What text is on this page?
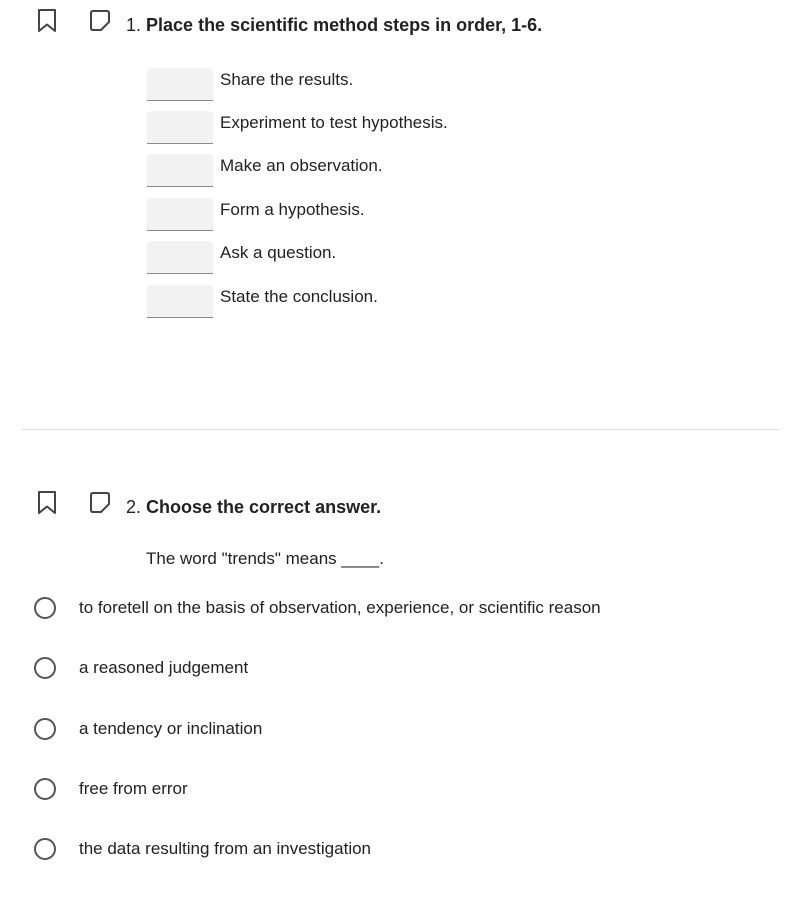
1. Place the scientific method steps in order, 1-6.
Share the results.
Experiment to test hypothesis.
Make an observation.
Form a hypothesis.
Ask a question.
State the conclusion.
2. Choose the correct answer.
The word "trends" means ____.
to foretell on the basis of observation, experience, or scientific reason
a reasoned judgement
a tendency or inclination
free from error
the data resulting from an investigation
